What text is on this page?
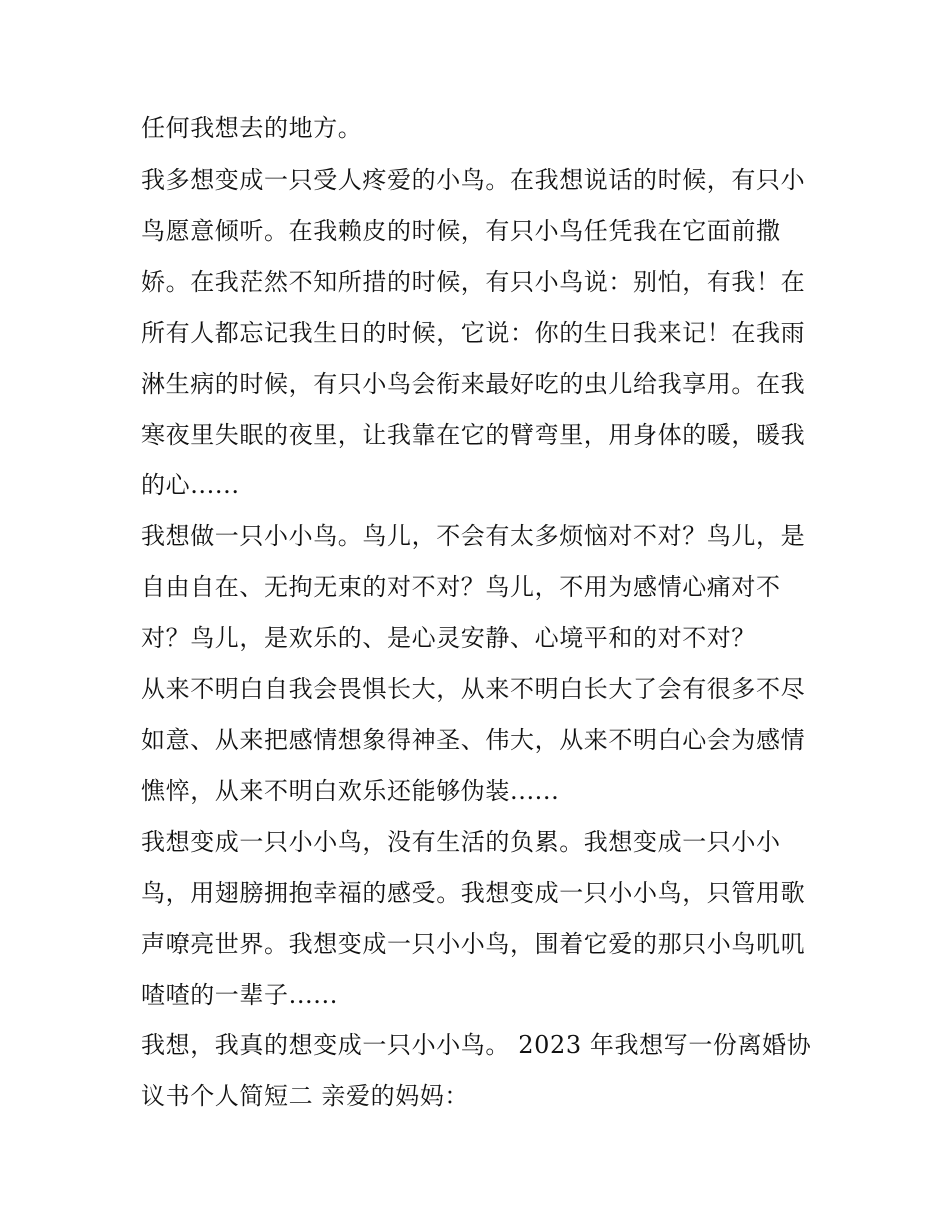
任何我想去的地方。
我多想变成一只受人疼爱的小鸟。在我想说话的时候，有只小
鸟愿意倾听。在我赖皮的时候，有只小鸟任凭我在它面前撒
娇。在我茫然不知所措的时候，有只小鸟说：别怕，有我！在
所有人都忘记我生日的时候，它说：你的生日我来记！在我雨
淋生病的时候，有只小鸟会衔来最好吃的虫儿给我享用。在我
寒夜里失眠的夜里，让我靠在它的臂弯里，用身体的暖，暖我
的心......
我想做一只小小鸟。鸟儿，不会有太多烦恼对不对？鸟儿，是
自由自在、无拘无束的对不对？鸟儿，不用为感情心痛对不
对？鸟儿，是欢乐的、是心灵安静、心境平和的对不对？
从来不明白自我会畏惧长大，从来不明白长大了会有很多不尽
如意、从来把感情想象得神圣、伟大，从来不明白心会为感情
憔悴，从来不明白欢乐还能够伪装......
我想变成一只小小鸟，没有生活的负累。我想变成一只小小
鸟，用翅膀拥抱幸福的感受。我想变成一只小小鸟，只管用歌
声嘹亮世界。我想变成一只小小鸟，围着它爱的那只小鸟叽叽
喳喳的一辈子......
我想，我真的想变成一只小小鸟。 2023 年我想写一份离婚协
议书个人简短二 亲爱的妈妈：
